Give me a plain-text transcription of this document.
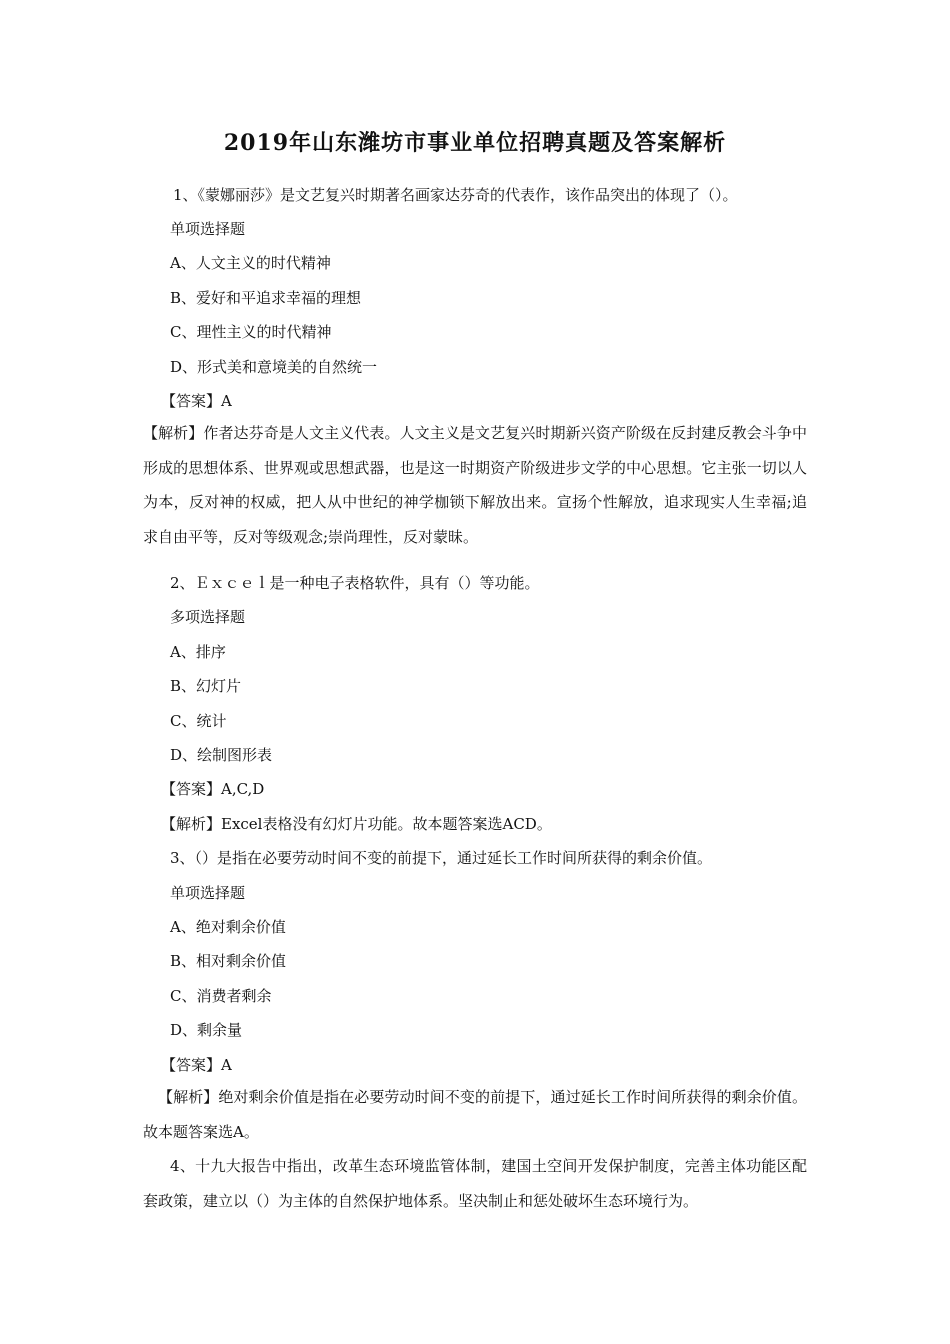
2019年山东潍坊市事业单位招聘真题及答案解析
1、《蒙娜丽莎》是文艺复兴时期著名画家达芬奇的代表作，该作品突出的体现了（）。
单项选择题
A、人文主义的时代精神
B、爱好和平追求幸福的理想
C、理性主义的时代精神
D、形式美和意境美的自然统一
【答案】A
【解析】作者达芬奇是人文主义代表。人文主义是文艺复兴时期新兴资产阶级在反封建反教会斗争中形成的思想体系、世界观或思想武器，也是这一时期资产阶级进步文学的中心思想。它主张一切以人为本，反对神的权威，把人从中世纪的神学枷锁下解放出来。宣扬个性解放，追求现实人生幸福;追求自由平等，反对等级观念;崇尚理性，反对蒙昧。
2、Ｅｘｃｅｌ是一种电子表格软件，具有（）等功能。
多项选择题
A、排序
B、幻灯片
C、统计
D、绘制图形表
【答案】A,C,D
【解析】Excel表格没有幻灯片功能。故本题答案选ACD。
3、（）是指在必要劳动时间不变的前提下，通过延长工作时间所获得的剩余价值。
单项选择题
A、绝对剩余价值
B、相对剩余价值
C、消费者剩余
D、剩余量
【答案】A
【解析】绝对剩余价值是指在必要劳动时间不变的前提下，通过延长工作时间所获得的剩余价值。故本题答案选A。
4、十九大报告中指出，改革生态环境监管体制，建国土空间开发保护制度，完善主体功能区配套政策，建立以（）为主体的自然保护地体系。坚决制止和惩处破坏生态环境行为。
